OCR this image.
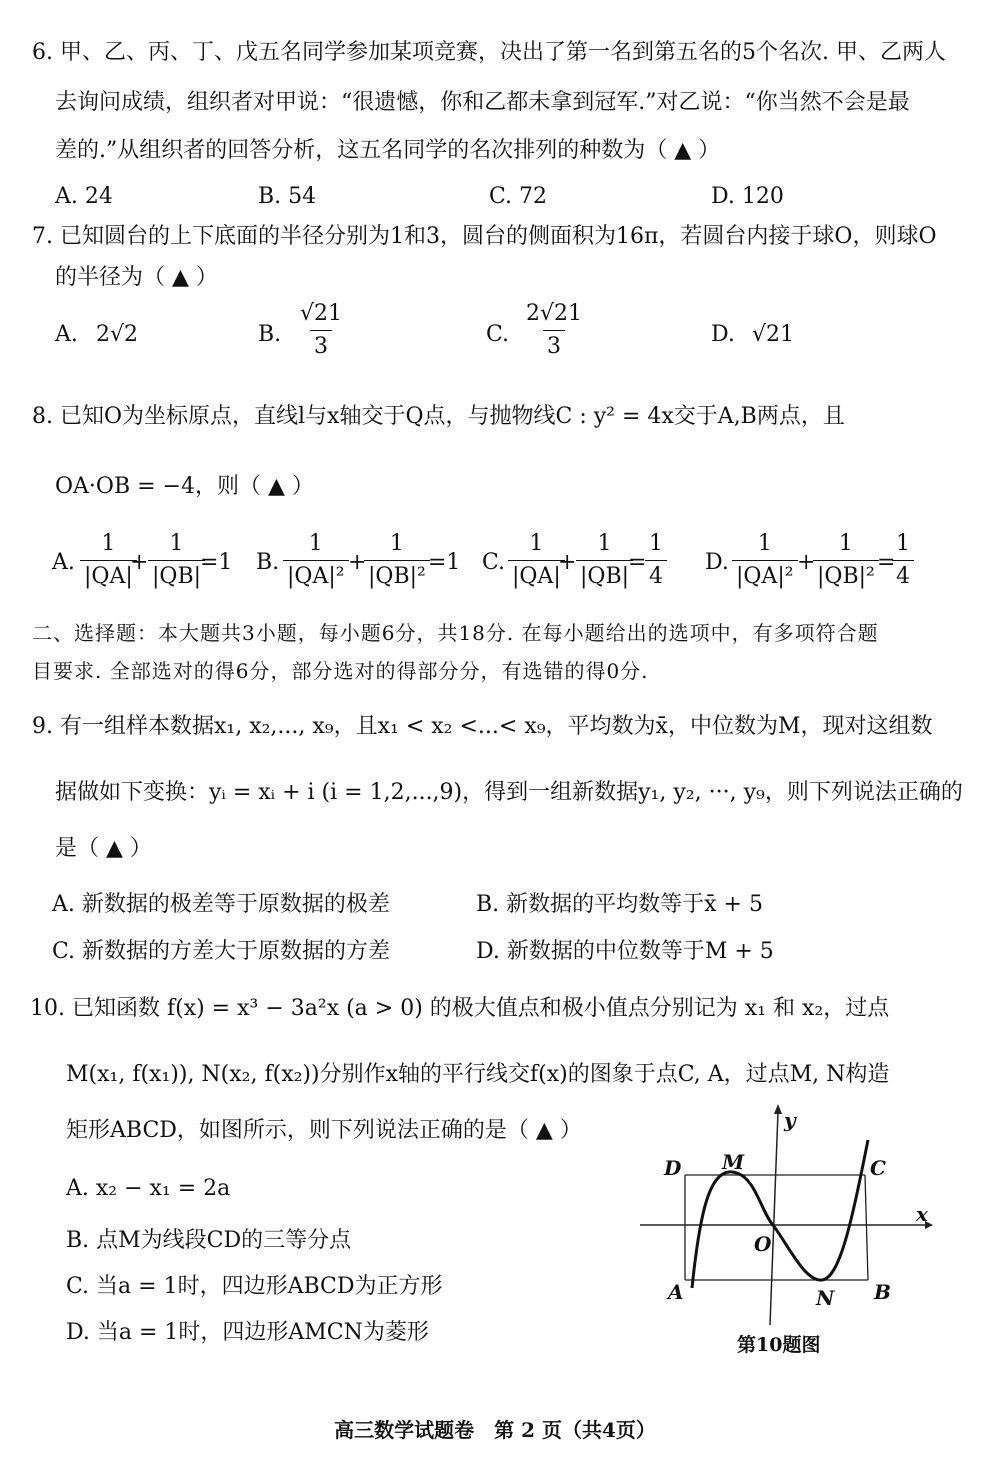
6. 甲、乙、丙、丁、戊五名同学参加某项竞赛，决出了第一名到第五名的5个名次. 甲、乙两人
去询问成绩，组织者对甲说：“很遗憾，你和乙都未拿到冠军.”对乙说：“你当然不会是最
差的.”从组织者的回答分析，这五名同学的名次排列的种数为（ ▲ ）
A. 24	B. 54	C. 72	D. 120
7. 已知圆台的上下底面的半径分别为1和3，圆台的侧面积为16π，若圆台内接于球O，则球O
的半径为（ ▲ ）
A. 2√2	B. $\frac{√21}{3}$	C. $\frac{2√21}{3}$	D. √21
8. 已知O为坐标原点，直线l与x轴交于Q点，与抛物线C : y² = 4x交于A,B两点，且
OA·OB = −4，则（ ▲ ）
A. $\frac{1}{|QA|}$
+ $\frac{1}{|QB|}$
=1 B. $\frac{1}{\text{|QA|²}}$ +
$\frac{1}{\text{|QB|²}}$
=1 C. $\frac{1}{|QA|}$
+ $\frac{1}{|QB|}$
=
$\frac{1}{4} D$. $\frac{1}{\text{|QA|²}}$ +
$\frac{1}{\text{|QB|²}}$
=
$\frac{1}{4}$
二、选择题：本大题共3小题，每小题6分，共18分. 在每小题给出的选项中，有多项符合题
目要求. 全部选对的得6分，部分选对的得部分分，有选错的得0分.
9. 有一组样本数据x₁, x₂,..., x₉，且x₁ < x₂ <...< x₉，平均数为x̄，中位数为M，现对这组数
据做如下变换：yᵢ = xᵢ + i (i = 1,2,...,9)，得到一组新数据y₁, y₂, ···, y₉，则下列说法正确的
是（ ▲ ）
A. 新数据的极差等于原数据的极差	B. 新数据的平均数等于x̄ + 5
C. 新数据的方差大于原数据的方差	D. 新数据的中位数等于M + 5
10. 已知函数 f(x) = x³ − 3a²x (a > 0) 的极大值点和极小值点分别记为 x₁ 和 x₂，过点
M(x₁, f(x₁)), N(x₂, f(x₂))分别作x轴的平行线交f(x)的图象于点C, A，过点M, N构造
矩形ABCD，如图所示，则下列说法正确的是（ ▲ ）
A. x₂ − x₁ = 2a
B. 点M为线段CD的三等分点
C. 当a = 1时，四边形ABCD为正方形
D. 当a = 1时，四边形AMCN为菱形
D M	C
O
A	N B
x
y
第10题图
高三数学试题卷　第 2 页（共4页）
